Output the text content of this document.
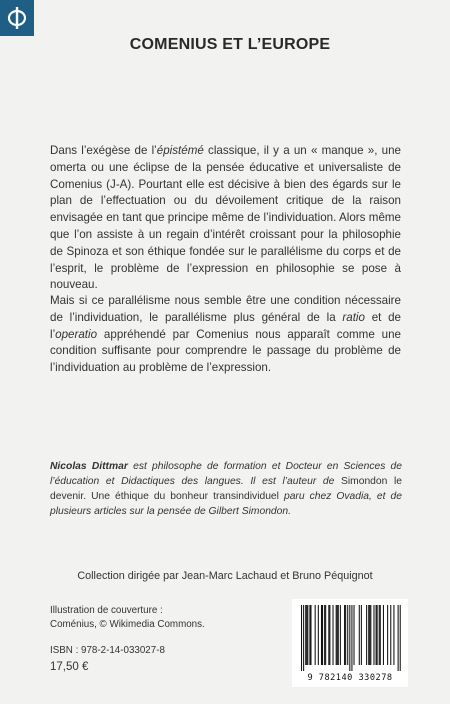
COMENIUS ET L’EUROPE
Dans l’exégèse de l’épistémé classique, il y a un « manque », une omerta ou une éclipse de la pensée éducative et universaliste de Comenius (J-A). Pourtant elle est décisive à bien des égards sur le plan de l’effectuation ou du dévoilement critique de la raison envisagée en tant que principe même de l’individuation. Alors même que l’on assiste à un regain d’intérêt croissant pour la philosophie de Spinoza et son éthique fondée sur le parallélisme du corps et de l’esprit, le problème de l’expression en philosophie se pose à nouveau.
Mais si ce parallélisme nous semble être une condition nécessaire de l’individuation, le parallélisme plus général de la ratio et de l’operatio appréhendé par Comenius nous apparaît comme une condition suffisante pour comprendre le passage du problème de l’individuation au problème de l’expression.
Nicolas Dittmar est philosophe de formation et Docteur en Sciences de l’éducation et Didactiques des langues. Il est l’auteur de Simondon le devenir. Une éthique du bonheur transindividuel paru chez Ovadia, et de plusieurs articles sur la pensée de Gilbert Simondon.
Collection dirigée par Jean-Marc Lachaud et Bruno Péquignot
Illustration de couverture :
Coménius, © Wikimedia Commons.
ISBN : 978-2-14-033027-8
17,50 €
9 782140 330278
